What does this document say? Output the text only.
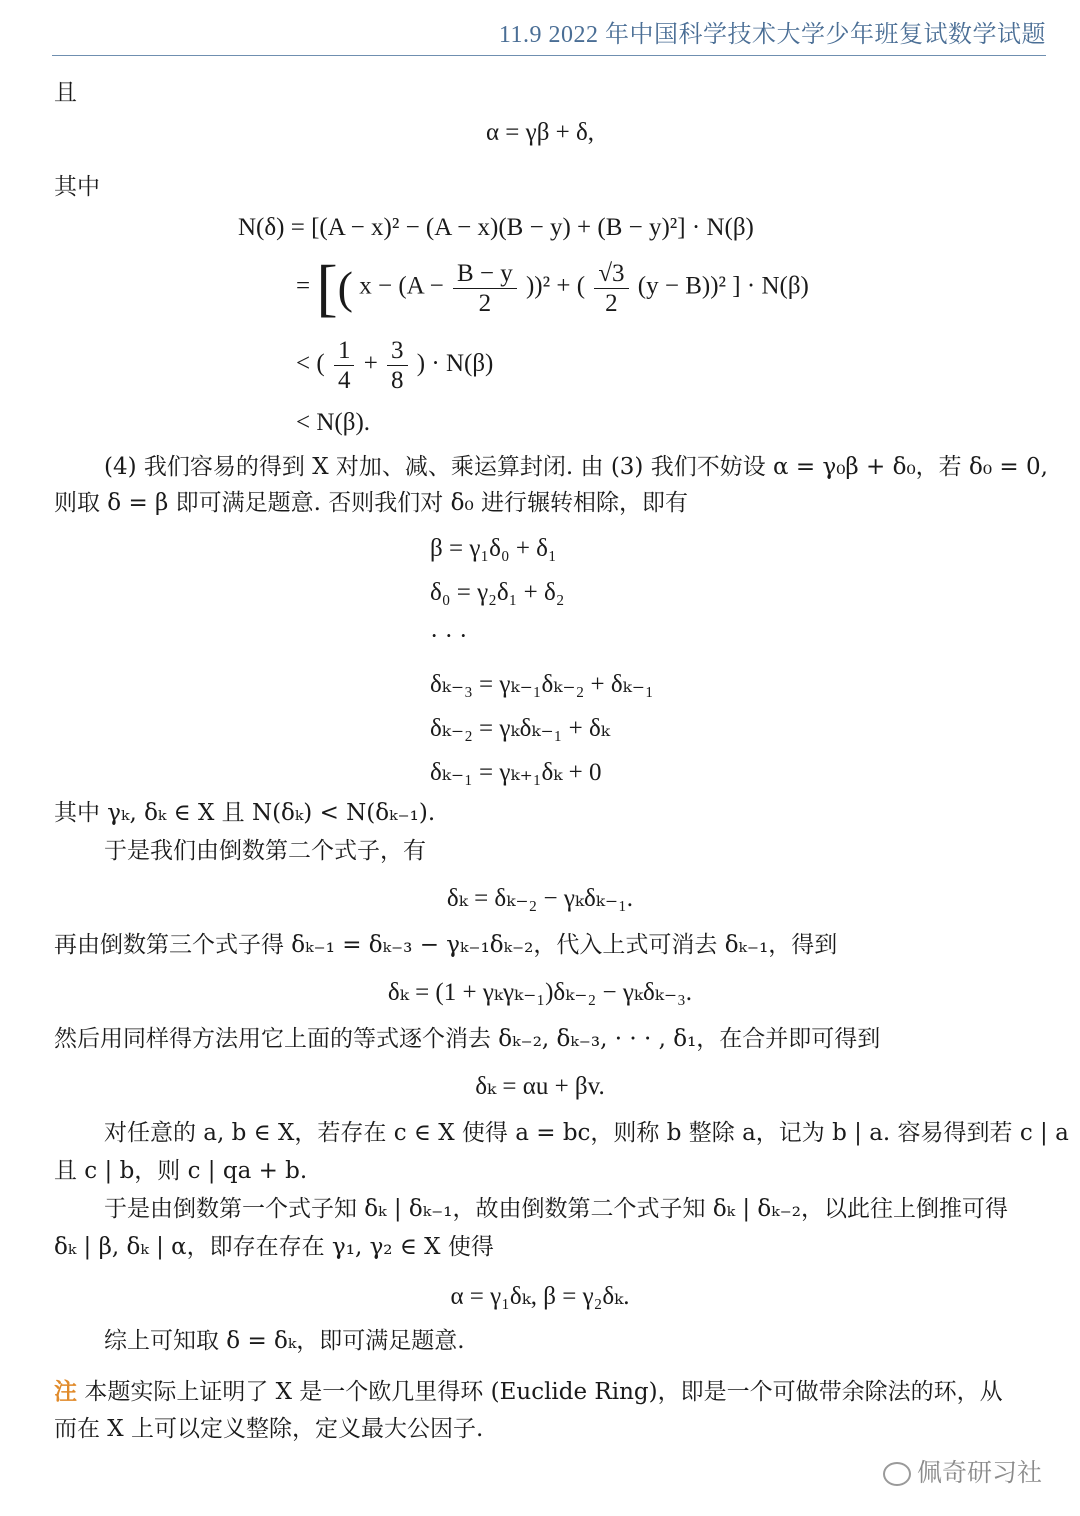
11.9 2022 年中国科学技术大学少年班复试数学试题
且
α = γβ + δ,
其中
N(δ) = [(A − x)² − (A − x)(B − y) + (B − y)²] · N(β)
= [( $x - (A - \frac{B - y}{2} ))^2$ + ( $\frac{√3}{2} (y - B))^2$ ] · N(β)
< ( $\frac{1}{4} + \frac{3}{8}$ ) · N(β)
< N(β).
(4) 我们容易的得到 X 对加、减、乘运算封闭. 由 (3) 我们不妨设 α = γ₀β + δ₀，若 δ₀ = 0,
则取 δ = β 即可满足题意. 否则我们对 δ₀ 进行辗转相除，即有
β = γ₁δ₀ + δ₁
δ₀ = γ₂δ₁ + δ₂
· · ·
δₖ₋₃ = γₖ₋₁δₖ₋₂ + δₖ₋₁
δₖ₋₂ = γₖδₖ₋₁ + δₖ
δₖ₋₁ = γₖ₊₁δₖ + 0
其中 γₖ, δₖ ∈ X 且 N(δₖ) < N(δₖ₋₁).
于是我们由倒数第二个式子，有
δₖ = δₖ₋₂ − γₖδₖ₋₁.
再由倒数第三个式子得 δₖ₋₁ = δₖ₋₃ − γₖ₋₁δₖ₋₂，代入上式可消去 δₖ₋₁，得到
δₖ = (1 + γₖγₖ₋₁)δₖ₋₂ − γₖδₖ₋₃.
然后用同样得方法用它上面的等式逐个消去 δₖ₋₂, δₖ₋₃, · · · , δ₁，在合并即可得到
δₖ = αu + βv.
对任意的 a, b ∈ X，若存在 c ∈ X 使得 a = bc，则称 b 整除 a，记为 b | a. 容易得到若 c | a
且 c | b，则 c | qa + b.
于是由倒数第一个式子知 δₖ | δₖ₋₁，故由倒数第二个式子知 δₖ | δₖ₋₂，以此往上倒推可得
δₖ | β, δₖ | α，即存在存在 γ₁, γ₂ ∈ X 使得
α = γ₁δₖ, β = γ₂δₖ.
综上可知取 δ = δₖ，即可满足题意.
注 本题实际上证明了 X 是一个欧几里得环 (Euclide Ring)，即是一个可做带余除法的环，从
而在 X 上可以定义整除，定义最大公因子.
佩奇研习社
